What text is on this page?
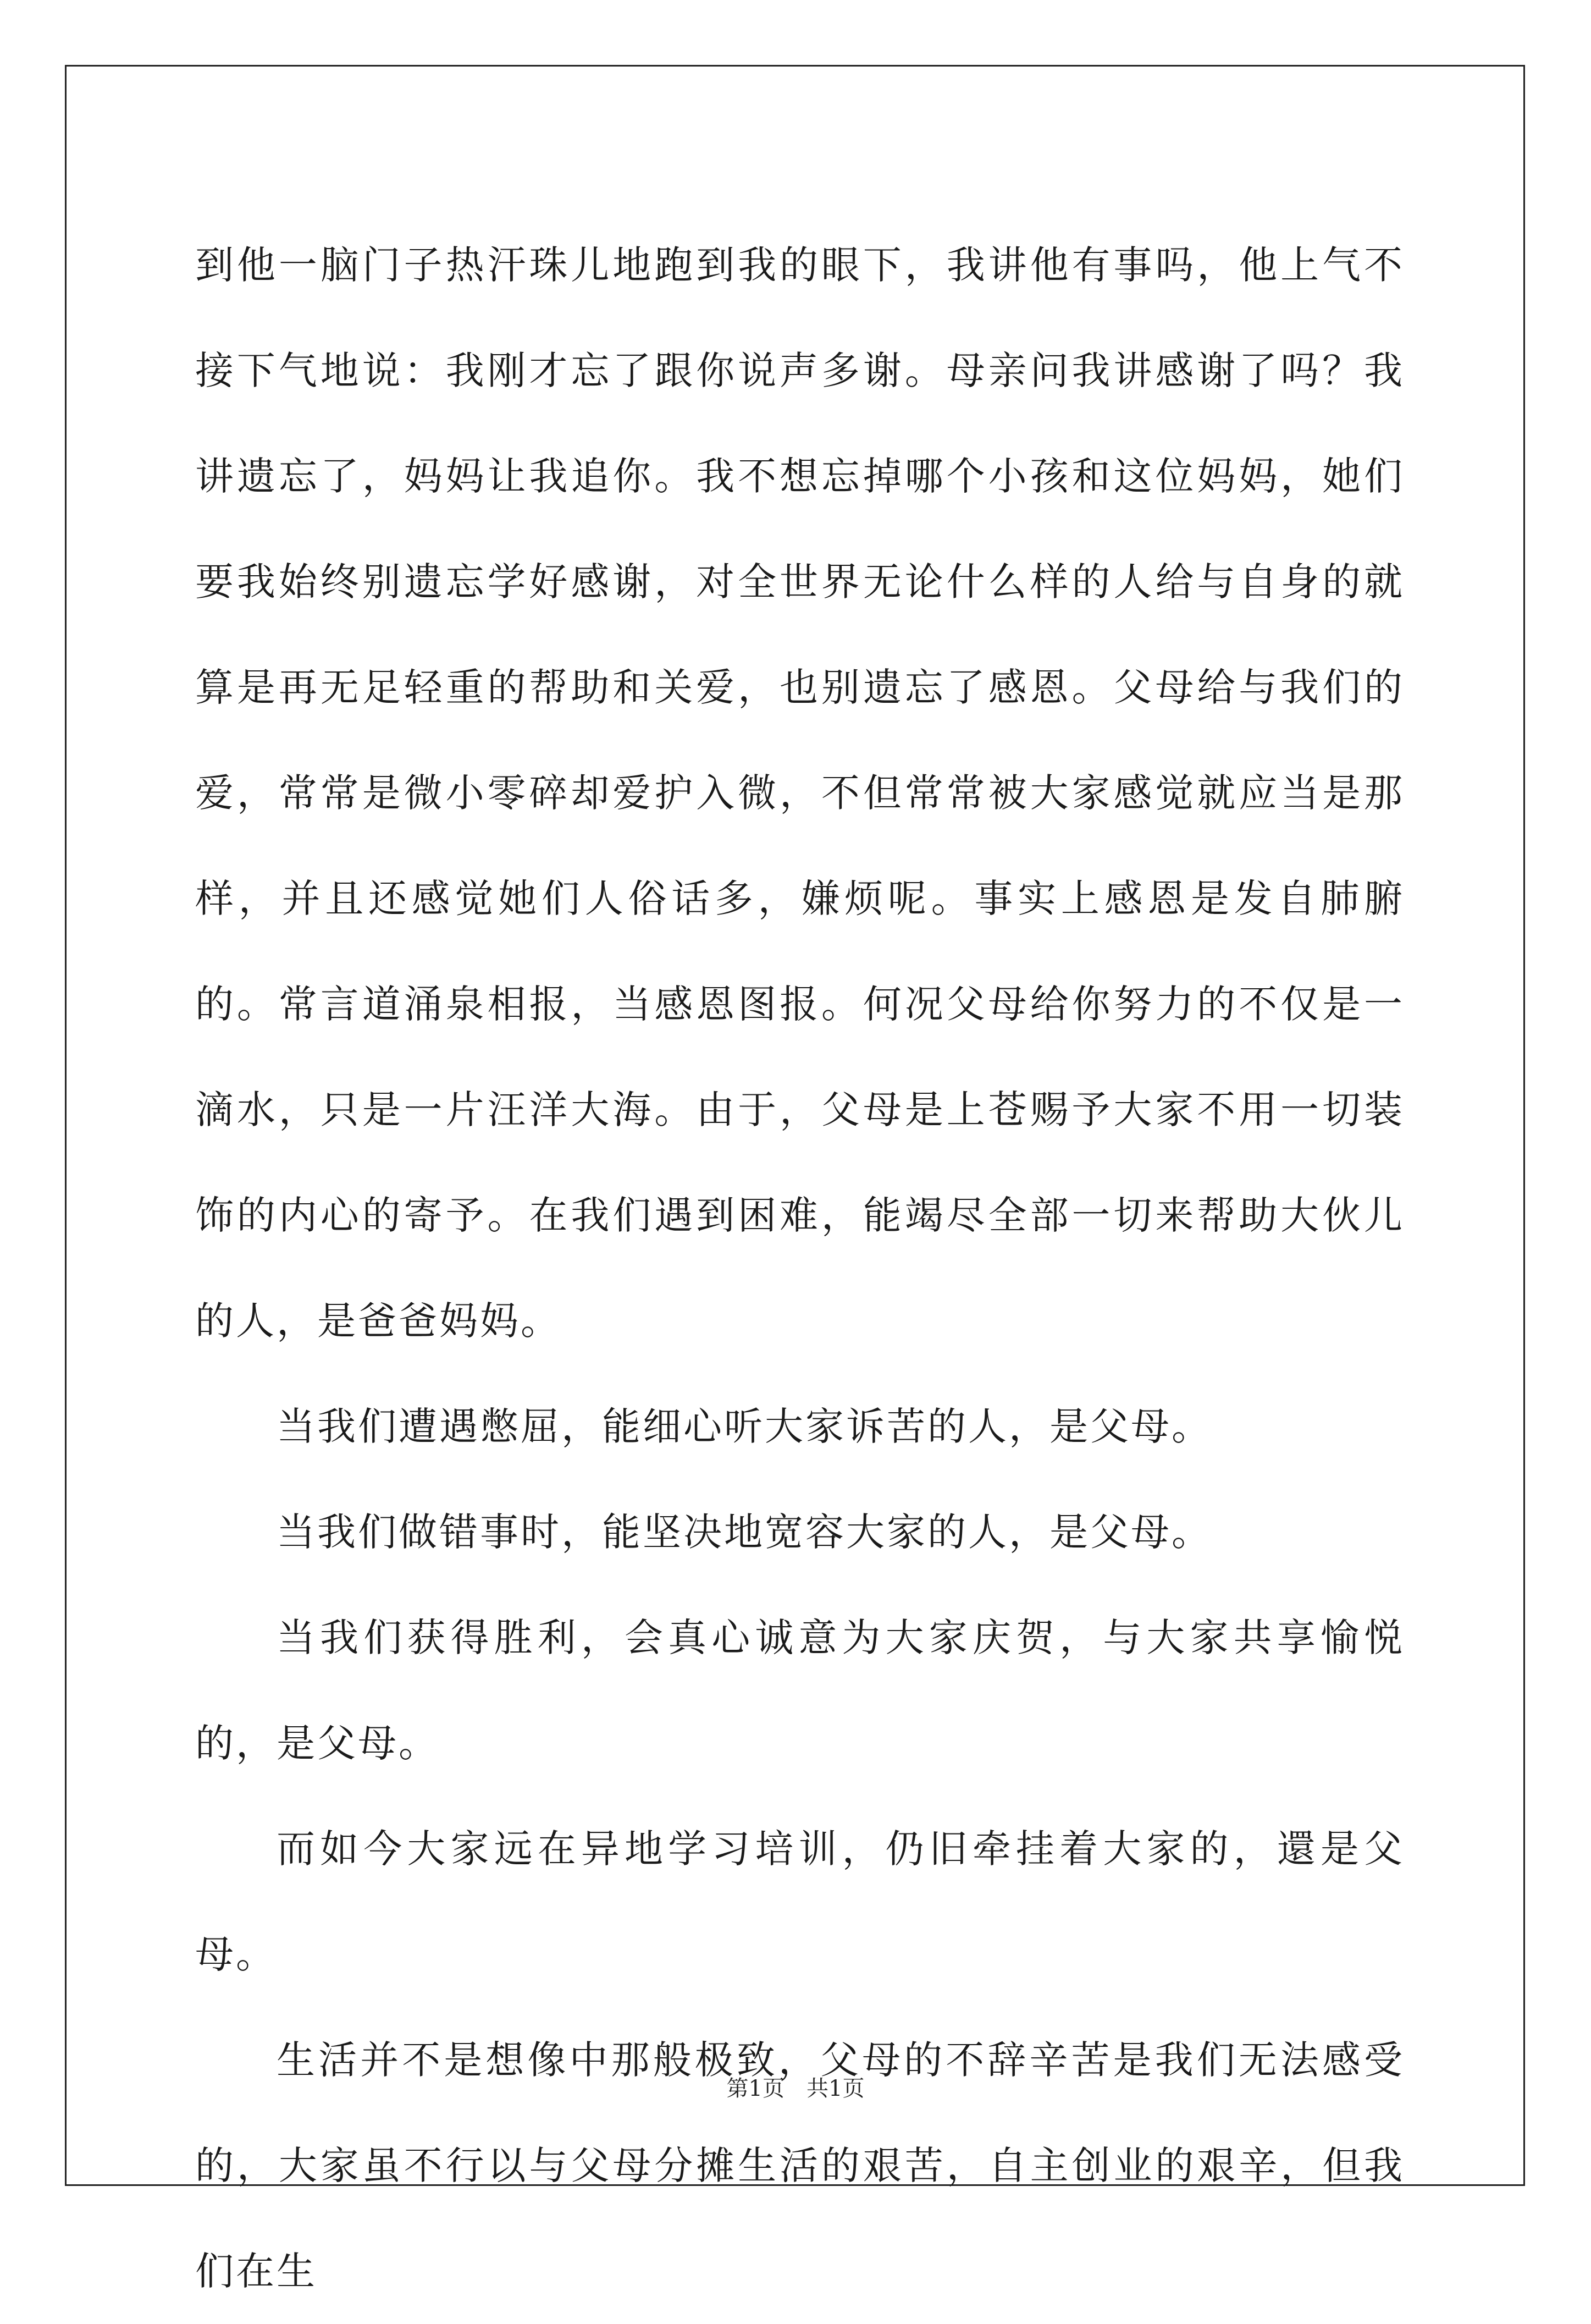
到他一脑门子热汗珠儿地跑到我的眼下，我讲他有事吗，他上气不接下气地说：我刚才忘了跟你说声多谢。母亲问我讲感谢了吗？我讲遗忘了，妈妈让我追你。我不想忘掉哪个小孩和这位妈妈，她们要我始终别遗忘学好感谢，对全世界无论什么样的人给与自身的就算是再无足轻重的帮助和关爱，也别遗忘了感恩。父母给与我们的爱，常常是微小零碎却爱护入微，不但常常被大家感觉就应当是那样，并且还感觉她们人俗话多，嫌烦呢。事实上感恩是发自肺腑的。常言道涌泉相报，当感恩图报。何况父母给你努力的不仅是一滴水，只是一片汪洋大海。由于，父母是上苍赐予大家不用一切装饰的内心的寄予。在我们遇到困难，能竭尽全部一切来帮助大伙儿的人，是爸爸妈妈。

当我们遭遇憋屈，能细心听大家诉苦的人，是父母。

当我们做错事时，能坚决地宽容大家的人，是父母。

当我们获得胜利，会真心诚意为大家庆贺，与大家共享愉悦的，是父母。

而如今大家远在异地学习培训，仍旧牵挂着大家的，還是父母。

生活并不是想像中那般极致，父母的不辞辛苦是我们无法感受的，大家虽不行以与父母分摊生活的艰苦，自主创业的艰辛，但我们在生

第1页　共1页
